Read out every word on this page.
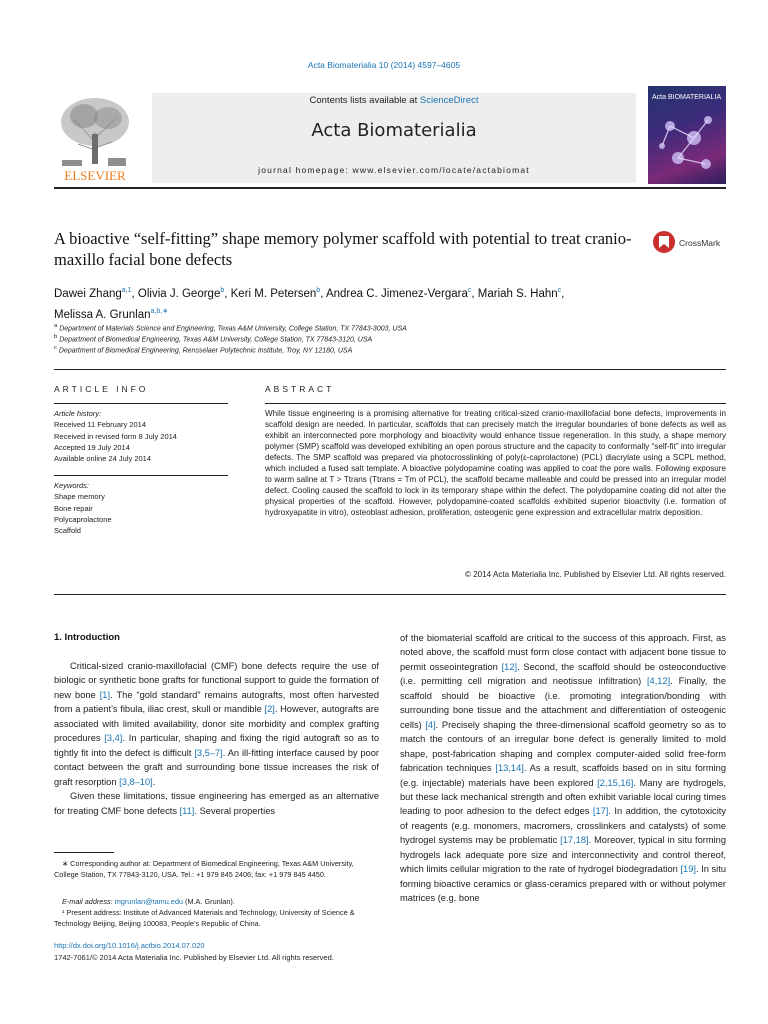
Acta Biomaterialia 10 (2014) 4597–4605
ELSEVIER
Contents lists available at ScienceDirect
Acta Biomaterialia
journal homepage: www.elsevier.com/locate/actabiomat
Acta BIOMATERIALIA
A bioactive “self-fitting” shape memory polymer scaffold with potential to treat cranio-maxillo facial bone defects
CrossMark
Dawei Zhang$^{a,1}$, Olivia J. George$^b$, Keri M. Petersen$^b$, Andrea C. Jimenez-Vergara$^c$, Mariah S. Hahn$^c$,
Melissa A. Grunlan$^{a,b,∗}$
$^a$ Department of Materials Science and Engineering, Texas A&M University, College Station, TX 77843-3003, USA
$^b$ Department of Biomedical Engineering, Texas A&M University, College Station, TX 77843-3120, USA
$^c$ Department of Biomedical Engineering, Rensselaer Polytechnic Institute, Troy, NY 12180, USA
ARTICLE INFO
Article history:
Received 11 February 2014
Received in revised form 8 July 2014
Accepted 19 July 2014
Available online 24 July 2014
Keywords:
Shape memory
Bone repair
Polycaprolactone
Scaffold
ABSTRACT
While tissue engineering is a promising alternative for treating critical-sized cranio-maxillofacial bone defects, improvements in scaffold design are needed. In particular, scaffolds that can precisely match the irregular boundaries of bone defects as well as exhibit an interconnected pore morphology and bioactivity would enhance tissue regeneration. In this study, a shape memory polymer (SMP) scaffold was developed exhibiting an open porous structure and the capacity to conformally “self-fit” into irregular defects. The SMP scaffold was prepared via photocrosslinking of poly(ε-caprolactone) (PCL) diacrylate using a SCPL method, which included a fused salt template. A bioactive polydopamine coating was applied to coat the pore walls. Following exposure to warm saline at T > Ttrans (Ttrans = Tm of PCL), the scaffold became malleable and could be pressed into an irregular model defect. Cooling caused the scaffold to lock in its temporary shape within the defect. The polydopamine coating did not alter the physical properties of the scaffold. However, polydopamine-coated scaffolds exhibited superior bioactivity (i.e. formation of hydroxyapatite in vitro), osteoblast adhesion, proliferation, osteogenic gene expression and extracellular matrix deposition.
© 2014 Acta Materialia Inc. Published by Elsevier Ltd. All rights reserved.
1. Introduction

Critical-sized cranio-maxillofacial (CMF) bone defects require the use of biologic or synthetic bone grafts for functional support to guide the formation of new bone [1]. The “gold standard” remains autografts, most often harvested from a patient’s fibula, iliac crest, skull or mandible [2]. However, autografts are associated with limited availability, donor site morbidity and complex grafting procedures [3,4]. In particular, shaping and fixing the rigid autograft so as to tightly fit into the defect is difficult [3,5–7]. An ill-fitting interface caused by poor contact between the graft and surrounding bone tissue increases the risk of graft resorption [3,8–10].

Given these limitations, tissue engineering has emerged as an alternative for treating CMF bone defects [11]. Several properties

of the biomaterial scaffold are critical to the success of this approach. First, as noted above, the scaffold must form close contact with adjacent bone tissue to permit osseointegration [12]. Second, the scaffold should be osteoconductive (i.e. permitting cell migration and neotissue infiltration) [4,12]. Finally, the scaffold should be bioactive (i.e. promoting integration/bonding with surrounding bone tissue and the attachment and differentiation of osteogenic cells) [4]. Precisely shaping the three-dimensional scaffold geometry so as to match the contours of an irregular bone defect is generally limited to mold shape, post-fabrication shaping and complex computer-aided solid free-form fabrication techniques [13,14]. As a result, scaffolds based on in situ forming (e.g. injectable) materials have been explored [2,15,16]. Many are hydrogels, but these lack mechanical strength and often exhibit variable local curing times leading to poor adhesion to the defect edges [17]. In addition, the cytotoxicity of reagents (e.g. monomers, macromers, crosslinkers and catalysts) of some hydrogel systems may be problematic [17,18]. Moreover, typical in situ forming hydrogels lack adequate pore size and interconnectivity and control thereof, which limits cellular migration to the rate of hydrogel biodegradation [19]. In situ forming bioactive ceramics or glass-ceramics prepared with or without polymer matrices (e.g. bone

∗ Corresponding author at: Department of Biomedical Engineering, Texas A&M University, College Station, TX 77843-3120, USA. Tel.: +1 979 845 2406; fax: +1 979 845 4450.
E-mail address: mgrunlan@tamu.edu (M.A. Grunlan).
¹ Present address: Institute of Advanced Materials and Technology, University of Science & Technology Beijing, Beijing 100083, People’s Republic of China.
http://dx.doi.org/10.1016/j.actbio.2014.07.020
1742-7061/© 2014 Acta Materialia Inc. Published by Elsevier Ltd. All rights reserved.
